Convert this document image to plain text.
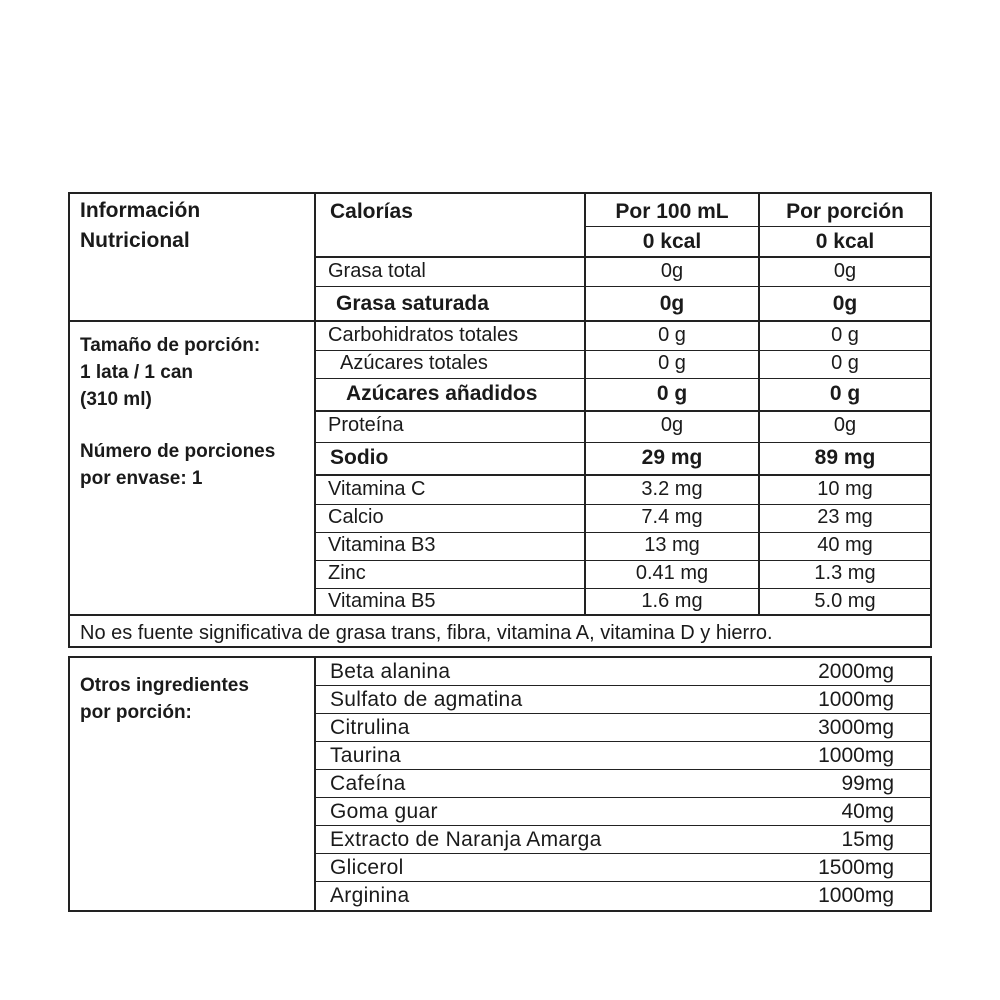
Información
Nutricional
Tamaño de porción:
1 lata / 1 can
(310 ml)
Número de porciones
por envase: 1
Calorías	Por 100 mL	Por porción
0 kcal	0 kcal
Grasa total	0g	0g
Grasa saturada	0g	0g
Carbohidratos totales	0 g	0 g
Azúcares totales	0 g	0 g
Azúcares añadidos	0 g	0 g
Proteína	0g	0g
Sodio	29 mg	89 mg
Vitamina C	3.2 mg	10 mg
Calcio	7.4 mg	23 mg
Vitamina B3	13 mg	40 mg
Zinc	0.41 mg	1.3 mg
Vitamina B5	1.6 mg	5.0 mg
No es fuente significativa de grasa trans, fibra, vitamina A, vitamina D y hierro.
Otros ingredientes
por porción:
Beta alanina	2000mg
Sulfato de agmatina	1000mg
Citrulina	3000mg
Taurina	1000mg
Cafeína	99mg
Goma guar	40mg
Extracto de Naranja Amarga	15mg
Glicerol	1500mg
Arginina	1000mg
